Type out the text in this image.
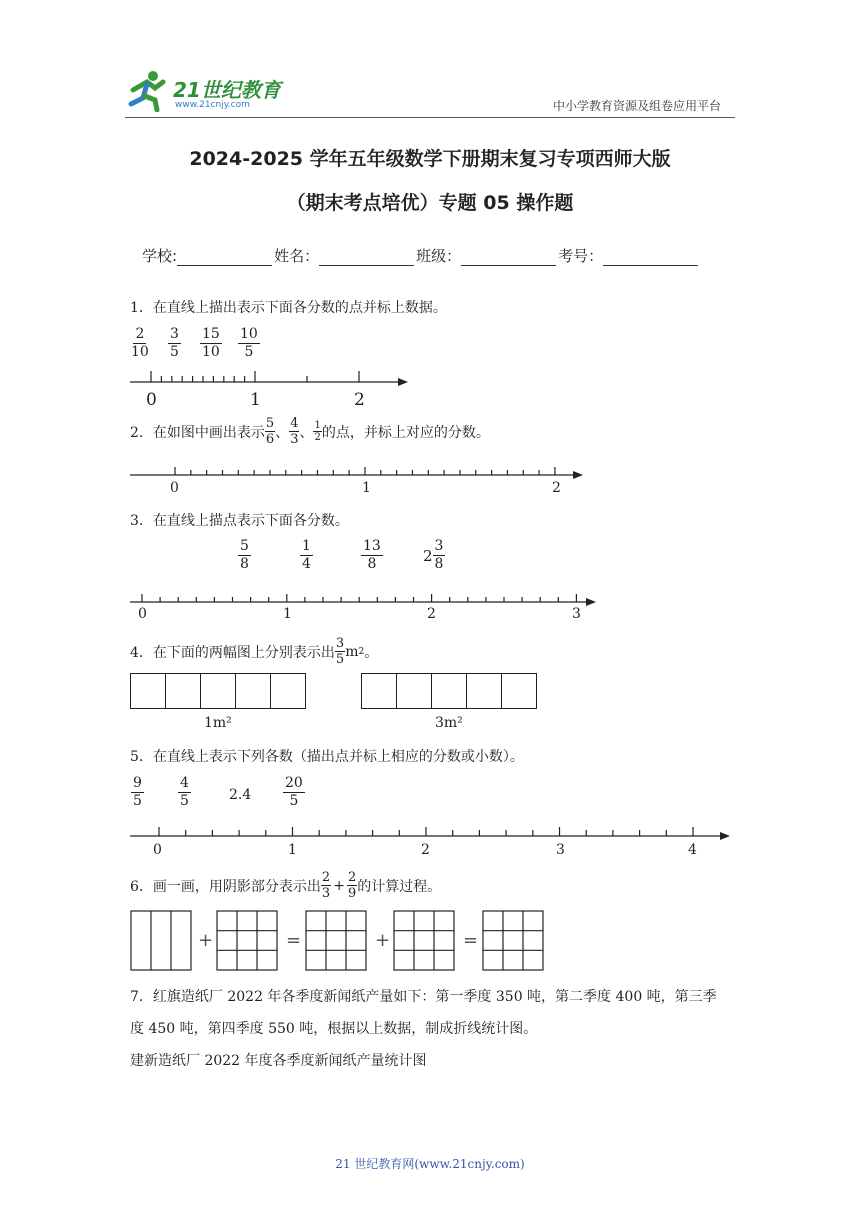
21世纪教育
www.21cnjy.com	中小学教育资源及组卷应用平台
2024-2025 学年五年级数学下册期末复习专项西师大版
（期末考点培优）专题 05 操作题
学校:	姓名：	班级：	考号：
1．在直线上描出表示下面各分数的点并标上数据。
2
10
3
5
15
10
10
5
0	1	2
2．在如图中画出表示 $\frac{5}{6}$ 、 $\frac{4}{3}$ 、 $\frac{1}{2}$ 的点，并标上对应的分数。
0	1	2
3．在直线上描点表示下面各分数。
5
8
1
4
13
8	2
3
8
0	1	2	3
4．在下面的两幅图上分别表示出 $\frac{3}{5}$ m 2 。
1m²	3m²
5．在直线上表示下列各数（描出点并标上相应的分数或小数）。
9
5
4
5	2.4
20
5
0	1	2	3	4
6．画一画，用阴影部分表示出 $\frac{2}{3} + \frac{2}{9}$ 的计算过程。
+	=	+	=
7．红旗造纸厂 2022 年各季度新闻纸产量如下：第一季度 350 吨，第二季度 400 吨，第三季
度 450 吨，第四季度 550 吨，根据以上数据，制成折线统计图。
建新造纸厂 2022 年度各季度新闻纸产量统计图
21 世纪教育网(www.21cnjy.com)
